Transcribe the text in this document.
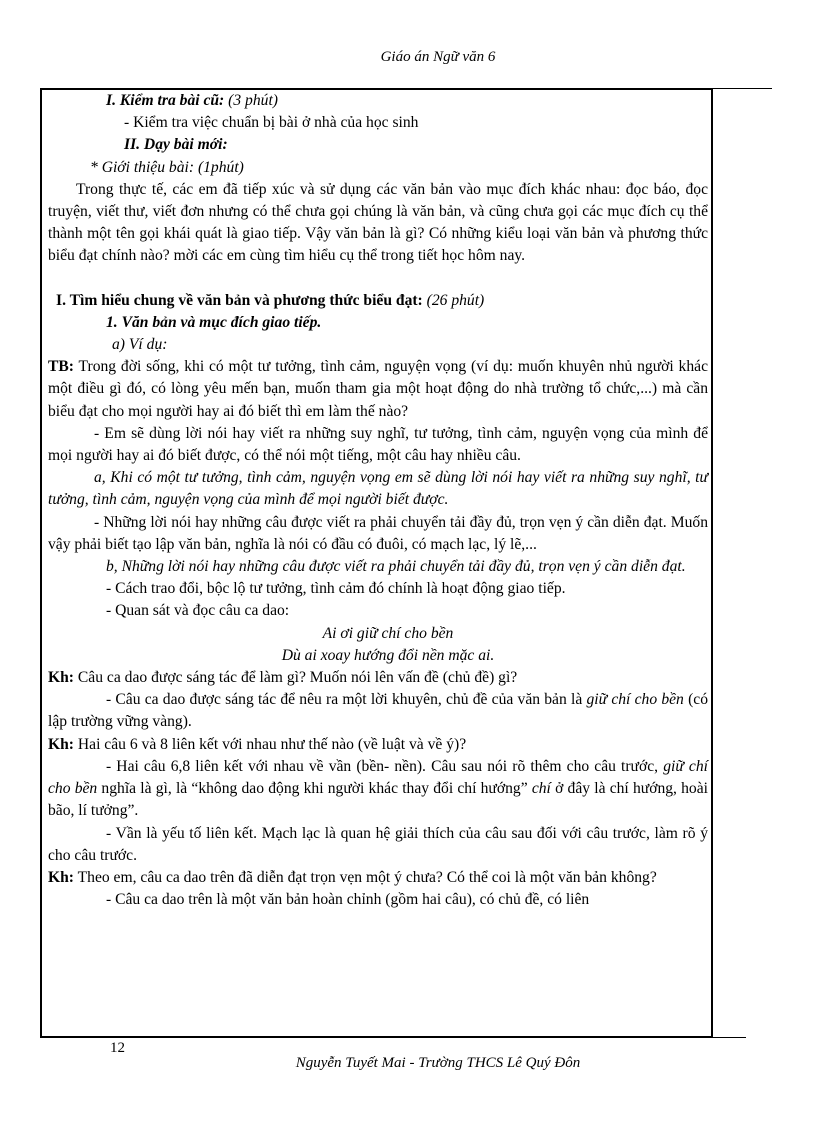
Giáo án Ngữ văn 6

I. Kiểm tra bài cũ: (3 phút)

- Kiểm tra việc chuẩn bị bài ở nhà của học sinh

II. Dạy bài mới:

* Giới thiệu bài: (1phút)

Trong thực tế, các em đã tiếp xúc và sử dụng các văn bản vào mục đích khác nhau: đọc báo, đọc truyện, viết thư, viết đơn nhưng có thể chưa gọi chúng là văn bản, và cũng chưa gọi các mục đích cụ thể thành một tên gọi khái quát là giao tiếp. Vậy văn bản là gì? Có những kiểu loại văn bản và phương thức biểu đạt chính nào? mời các em cùng tìm hiểu cụ thể trong tiết học hôm nay.

I. Tìm hiểu chung về văn bản và phương thức biểu đạt: (26 phút)

1. Văn bản và mục đích giao tiếp.

a) Ví dụ:

TB: Trong đời sống, khi có một tư tưởng, tình cảm, nguyện vọng (ví dụ: muốn khuyên nhủ người khác một điều gì đó, có lòng yêu mến bạn, muốn tham gia một hoạt động do nhà trường tổ chức,...) mà cần biểu đạt cho mọi người hay ai đó biết thì em làm thế nào?

- Em sẽ dùng lời nói hay viết ra những suy nghĩ, tư tưởng, tình cảm, nguyện vọng của mình để mọi người hay ai đó biết được, có thể nói một tiếng, một câu hay nhiều câu.

a, Khi có một tư tưởng, tình cảm, nguyện vọng em sẽ dùng lời nói hay viết ra những suy nghĩ, tư tưởng, tình cảm, nguyện vọng của mình để mọi người biết được.

- Những lời nói hay những câu được viết ra phải chuyển tải đầy đủ, trọn vẹn ý cần diễn đạt. Muốn vậy phải biết tạo lập văn bản, nghĩa là nói có đầu có đuôi, có mạch lạc, lý lẽ,...

b, Những lời nói hay những câu được viết ra phải chuyển tải đầy đủ, trọn vẹn ý cần diễn đạt.

- Cách trao đổi, bộc lộ tư tưởng, tình cảm đó chính là hoạt động giao tiếp.

- Quan sát và đọc câu ca dao:

Ai ơi giữ chí cho bền

Dù ai xoay hướng đổi nền mặc ai.

Kh: Câu ca dao được sáng tác để làm gì? Muốn nói lên vấn đề (chủ đề) gì?

- Câu ca dao được sáng tác để nêu ra một lời khuyên, chủ đề của văn bản là giữ chí cho bền (có lập trường vững vàng).

Kh: Hai câu 6 và 8 liên kết với nhau như thế nào (về luật và về ý)?

- Hai câu 6,8 liên kết với nhau về vần (bền- nền). Câu sau nói rõ thêm cho câu trước, giữ chí cho bền nghĩa là gì, là “không dao động khi người khác thay đổi chí hướng” chí ở đây là chí hướng, hoài bão, lí tưởng”.

- Vần là yếu tố liên kết. Mạch lạc là quan hệ giải thích của câu sau đối với câu trước, làm rõ ý cho câu trước.

Kh: Theo em, câu ca dao trên đã diễn đạt trọn vẹn một ý chưa? Có thể coi là một văn bản không?

- Câu ca dao trên là một văn bản hoàn chỉnh (gồm hai câu), có chủ đề, có liên

12
Nguyễn Tuyết Mai - Trường THCS Lê Quý Đôn
